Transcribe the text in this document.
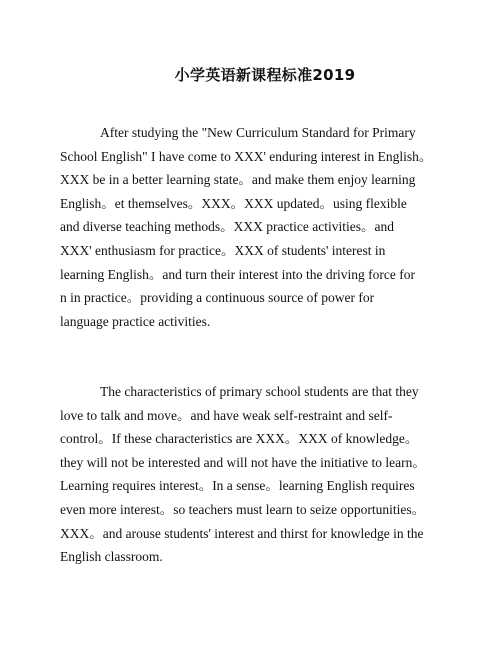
小学英语新课程标准2019
After studying the "New Curriculum Standard for Primary
School English" I have come to XXX' enduring interest in English。
XXX be in a better learning state。and make them enjoy learning
English。et themselves。XXX。XXX updated。using flexible
and diverse teaching methods。XXX practice activities。and
XXX' enthusiasm for practice。XXX of students' interest in
learning English。and turn their interest into the driving force for
n in practice。providing a continuous source of power for
language practice activities.
The characteristics of primary school students are that they
love to talk and move。and have weak self-restraint and self-
control。If these characteristics are XXX。XXX of knowledge。
they will not be interested and will not have the initiative to learn。
Learning requires interest。In a sense。learning English requires
even more interest。so teachers must learn to seize opportunities。
XXX。and arouse students' interest and thirst for knowledge in the
English classroom.
